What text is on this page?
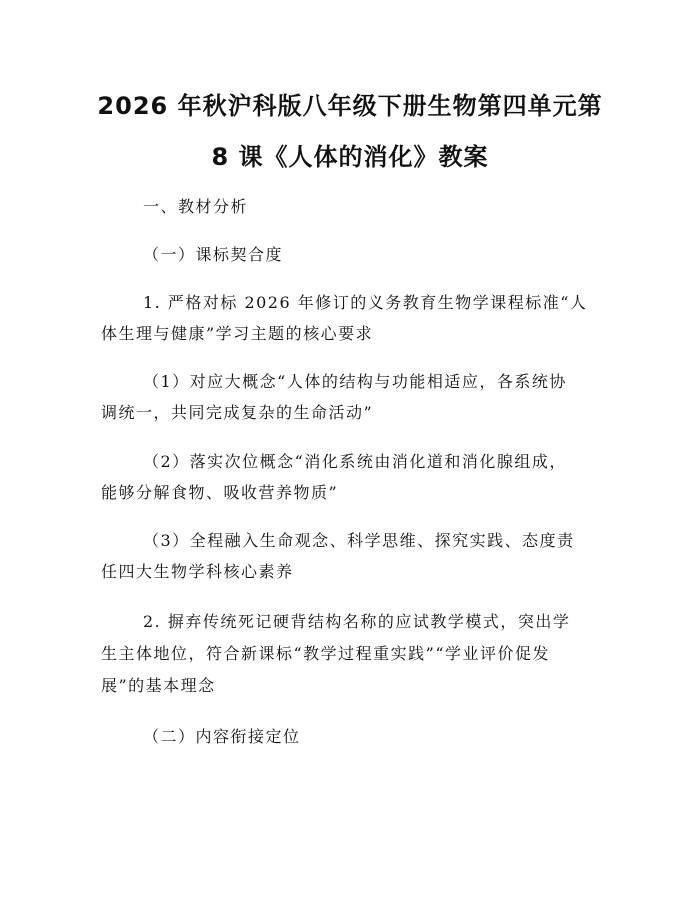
2026 年秋沪科版八年级下册生物第四单元第
8 课《人体的消化》教案
一、教材分析
（一）课标契合度
1. 严格对标 2026 年修订的义务教育生物学课程标准“人
体生理与健康”学习主题的核心要求
（1）对应大概念“人体的结构与功能相适应，各系统协
调统一，共同完成复杂的生命活动”
（2）落实次位概念“消化系统由消化道和消化腺组成，
能够分解食物、吸收营养物质”
（3）全程融入生命观念、科学思维、探究实践、态度责
任四大生物学科核心素养
2. 摒弃传统死记硬背结构名称的应试教学模式，突出学
生主体地位，符合新课标“教学过程重实践”“学业评价促发
展”的基本理念
（二）内容衔接定位
